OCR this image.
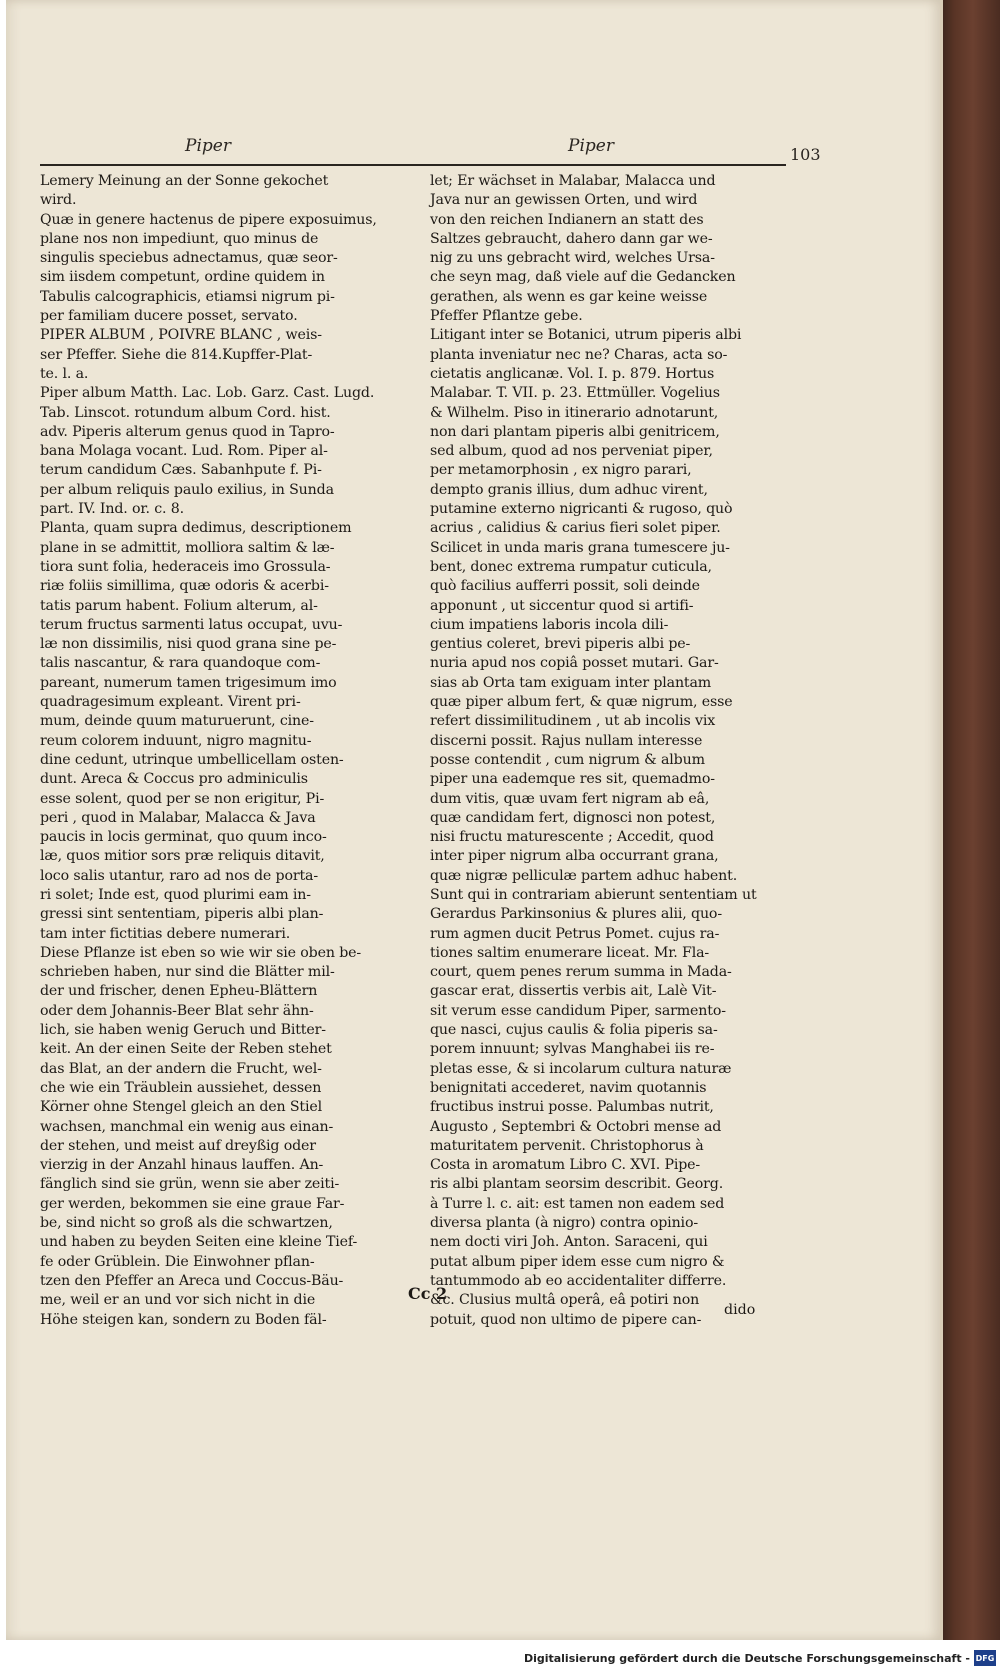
Piper	Piper	103
Lemery Meinung an der Sonne gekochet
wird.
Quæ in genere hactenus de pipere exposuimus,
plane nos non impediunt, quo minus de
singulis speciebus adnectamus, quæ seor-
sim iisdem competunt, ordine quidem in
Tabulis calcographicis, etiamsi nigrum pi-
per familiam ducere posset, servato.
PIPER ALBUM , POIVRE BLANC , weis-
ser Pfeffer. Siehe die 814.Kupffer-Plat-
te. l. a.
Piper album Matth. Lac. Lob. Garz. Cast. Lugd.
Tab. Linscot. rotundum album Cord. hist.
adv. Piperis alterum genus quod in Tapro-
bana Molaga vocant. Lud. Rom. Piper al-
terum candidum Cæs. Sabanhpute f. Pi-
per album reliquis paulo exilius, in Sunda
part. IV. Ind. or. c. 8.
Planta, quam supra dedimus, descriptionem
plane in se admittit, molliora saltim & læ-
tiora sunt folia, hederaceis imo Grossula-
riæ foliis simillima, quæ odoris & acerbi-
tatis parum habent. Folium alterum, al-
terum fructus sarmenti latus occupat, uvu-
læ non dissimilis, nisi quod grana sine pe-
talis nascantur, & rara quandoque com-
pareant, numerum tamen trigesimum imo
quadragesimum expleant. Virent pri-
mum, deinde quum maturuerunt, cine-
reum colorem induunt, nigro magnitu-
dine cedunt, utrinque umbellicellam osten-
dunt. Areca & Coccus pro adminiculis
esse solent, quod per se non erigitur, Pi-
peri , quod in Malabar, Malacca & Java
paucis in locis germinat, quo quum inco-
læ, quos mitior sors præ reliquis ditavit,
loco salis utantur, raro ad nos de porta-
ri solet; Inde est, quod plurimi eam in-
gressi sint sententiam, piperis albi plan-
tam inter fictitias debere numerari.
Diese Pflanze ist eben so wie wir sie oben be-
schrieben haben, nur sind die Blätter mil-
der und frischer, denen Epheu-Blättern
oder dem Johannis-Beer Blat sehr ähn-
lich, sie haben wenig Geruch und Bitter-
keit. An der einen Seite der Reben stehet
das Blat, an der andern die Frucht, wel-
che wie ein Träublein aussiehet, dessen
Körner ohne Stengel gleich an den Stiel
wachsen, manchmal ein wenig aus einan-
der stehen, und meist auf dreyßig oder
vierzig in der Anzahl hinaus lauffen. An-
fänglich sind sie grün, wenn sie aber zeiti-
ger werden, bekommen sie eine graue Far-
be, sind nicht so groß als die schwartzen,
und haben zu beyden Seiten eine kleine Tief-
fe oder Grüblein. Die Einwohner pflan-
tzen den Pfeffer an Areca und Coccus-Bäu-
me, weil er an und vor sich nicht in die
Höhe steigen kan, sondern zu Boden fäl-
let; Er wächset in Malabar, Malacca und
Java nur an gewissen Orten, und wird
von den reichen Indianern an statt des
Saltzes gebraucht, dahero dann gar we-
nig zu uns gebracht wird, welches Ursa-
che seyn mag, daß viele auf die Gedancken
gerathen, als wenn es gar keine weisse
Pfeffer Pflantze gebe.
Litigant inter se Botanici, utrum piperis albi
planta inveniatur nec ne? Charas, acta so-
cietatis anglicanæ. Vol. I. p. 879. Hortus
Malabar. T. VII. p. 23. Ettmüller. Vogelius
& Wilhelm. Piso in itinerario adnotarunt,
non dari plantam piperis albi genitricem,
sed album, quod ad nos perveniat piper,
per metamorphosin , ex nigro parari,
dempto granis illius, dum adhuc virent,
putamine externo nigricanti & rugoso, quò
acrius , calidius & carius fieri solet piper.
Scilicet in unda maris grana tumescere ju-
bent, donec extrema rumpatur cuticula,
quò facilius aufferri possit, soli deinde
apponunt , ut siccentur quod si artifi-
cium impatiens laboris incola dili-
gentius coleret, brevi piperis albi pe-
nuria apud nos copiâ posset mutari. Gar-
sias ab Orta tam exiguam inter plantam
quæ piper album fert, & quæ nigrum, esse
refert dissimilitudinem , ut ab incolis vix
discerni possit. Rajus nullam interesse
posse contendit , cum nigrum & album
piper una eademque res sit, quemadmo-
dum vitis, quæ uvam fert nigram ab eâ,
quæ candidam fert, dignosci non potest,
nisi fructu maturescente ; Accedit, quod
inter piper nigrum alba occurrant grana,
quæ nigræ pelliculæ partem adhuc habent.
Sunt qui in contrariam abierunt sententiam ut
Gerardus Parkinsonius & plures alii, quo-
rum agmen ducit Petrus Pomet. cujus ra-
tiones saltim enumerare liceat. Mr. Fla-
court, quem penes rerum summa in Mada-
gascar erat, dissertis verbis ait, Lalè Vit-
sit verum esse candidum Piper, sarmento-
que nasci, cujus caulis & folia piperis sa-
porem innuunt; sylvas Manghabei iis re-
pletas esse, & si incolarum cultura naturæ
benignitati accederet, navim quotannis
fructibus instrui posse. Palumbas nutrit,
Augusto , Septembri & Octobri mense ad
maturitatem pervenit. Christophorus à
Costa in aromatum Libro C. XVI. Pipe-
ris albi plantam seorsim describit. Georg.
à Turre l. c. ait: est tamen non eadem sed
diversa planta (à nigro) contra opinio-
nem docti viri Joh. Anton. Saraceni, qui
putat album piper idem esse cum nigro &
tantummodo ab eo accidentaliter differre.
&c. Clusius multâ operâ, eâ potiri non
potuit, quod non ultimo de pipere can-
Cc 2
dido
Digitalisierung gefördert durch die Deutsche Forschungsgemeinschaft - DFG
